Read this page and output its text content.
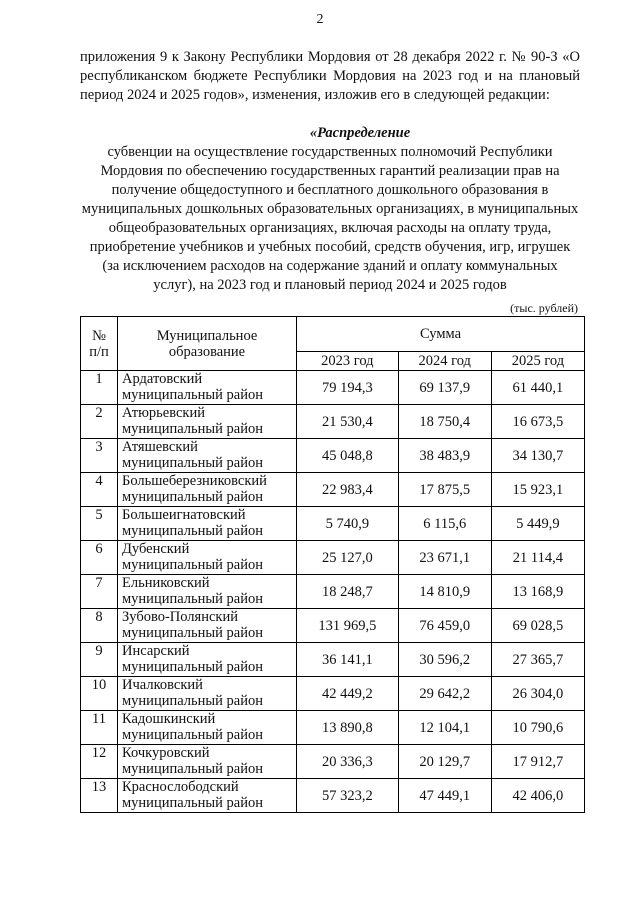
2
приложения 9 к Закону Республики Мордовия от 28 декабря 2022 г. № 90-З «О республиканском бюджете Республики Мордовия на 2023 год и на плановый период 2024 и 2025 годов», изменения, изложив его в следующей редакции:
«Распределение
субвенции на осуществление государственных полномочий Республики Мордовия по обеспечению государственных гарантий реализации прав на получение общедоступного и бесплатного дошкольного образования в муниципальных дошкольных образовательных организациях, в муниципальных общеобразовательных организациях, включая расходы на оплату труда, приобретение учебников и учебных пособий, средств обучения, игр, игрушек (за исключением расходов на содержание зданий и оплату коммунальных услуг), на 2023 год и плановый период 2024 и 2025 годов
(тыс. рублей)
№ п/п	Муниципальное образование	Сумма		
		2023 год	2024 год	2025 год
1	Ардатовский муниципальный район	79 194,3	69 137,9	61 440,1
2	Атюрьевский муниципальный район	21 530,4	18 750,4	16 673,5
3	Атяшевский муниципальный район	45 048,8	38 483,9	34 130,7
4	Большеберезниковский муниципальный район	22 983,4	17 875,5	15 923,1
5	Большеигнатовский муниципальный район	5 740,9	6 115,6	5 449,9
6	Дубенский муниципальный район	25 127,0	23 671,1	21 114,4
7	Ельниковский муниципальный район	18 248,7	14 810,9	13 168,9
8	Зубово-Полянский муниципальный район	131 969,5	76 459,0	69 028,5
9	Инсарский муниципальный район	36 141,1	30 596,2	27 365,7
10	Ичалковский муниципальный район	42 449,2	29 642,2	26 304,0
11	Кадошкинский муниципальный район	13 890,8	12 104,1	10 790,6
12	Кочкуровский муниципальный район	20 336,3	20 129,7	17 912,7
13	Краснослободский муниципальный район	57 323,2	47 449,1	42 406,0
